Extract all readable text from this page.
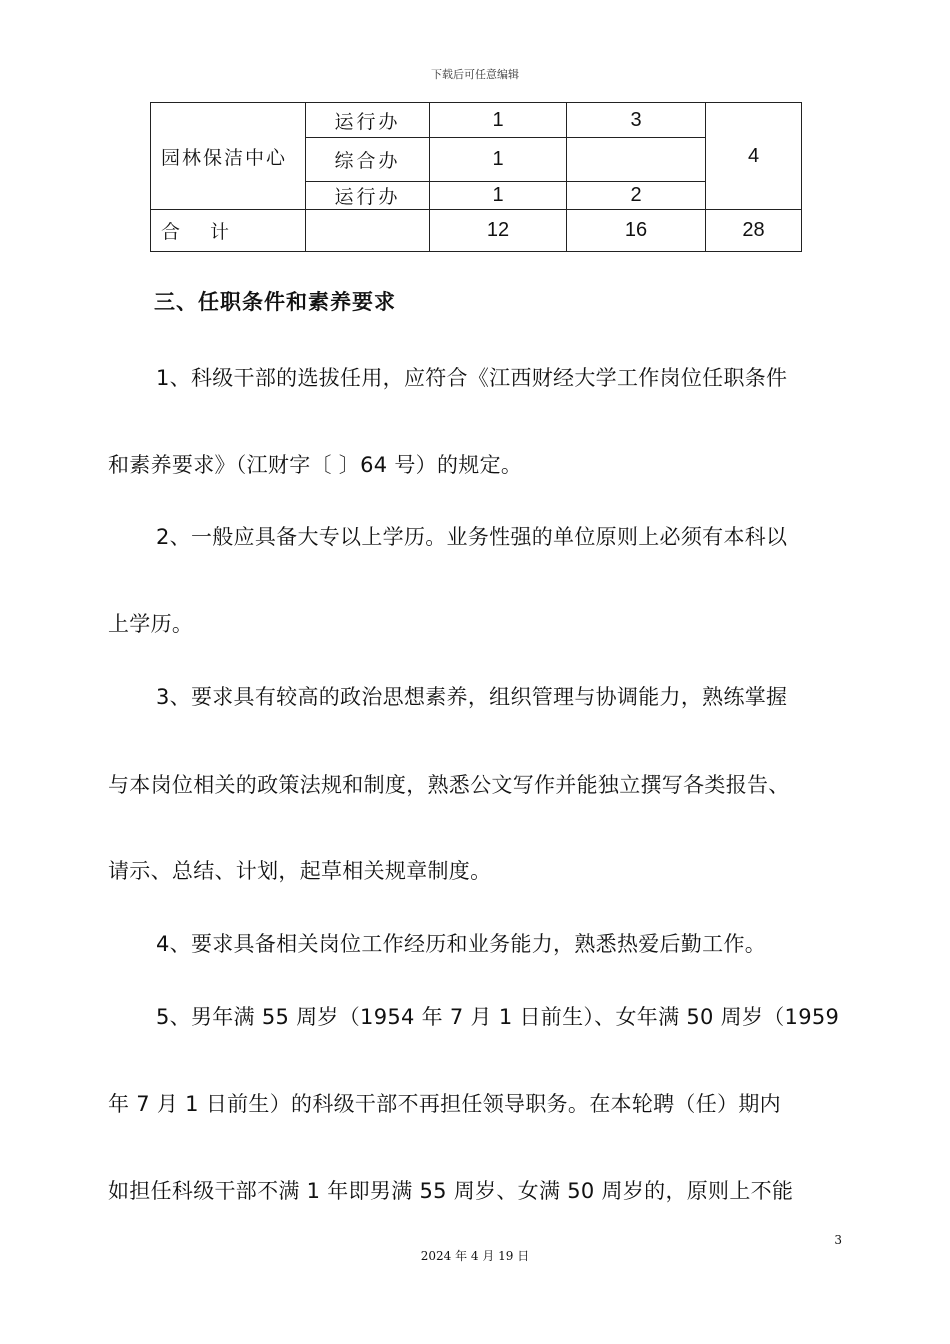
下载后可任意编辑
园林保洁中心	运行办	1	3	4
	综合办	1		
	运行办	1	2	
合 计		12	16	28
三、任职条件和素养要求
1、科级干部的选拔任用，应符合《江西财经大学工作岗位任职条件
和素养要求》（江财字〔 〕64 号）的规定。
2、一般应具备大专以上学历。业务性强的单位原则上必须有本科以
上学历。
3、要求具有较高的政治思想素养，组织管理与协调能力，熟练掌握
与本岗位相关的政策法规和制度，熟悉公文写作并能独立撰写各类报告、
请示、总结、计划，起草相关规章制度。
4、要求具备相关岗位工作经历和业务能力，熟悉热爱后勤工作。
5、男年满 55 周岁（1954 年 7 月 1 日前生）、女年满 50 周岁（1959
年 7 月 1 日前生）的科级干部不再担任领导职务。在本轮聘（任）期内
如担任科级干部不满 1 年即男满 55 周岁、女满 50 周岁的，原则上不能
3
2024 年 4 月 19 日
